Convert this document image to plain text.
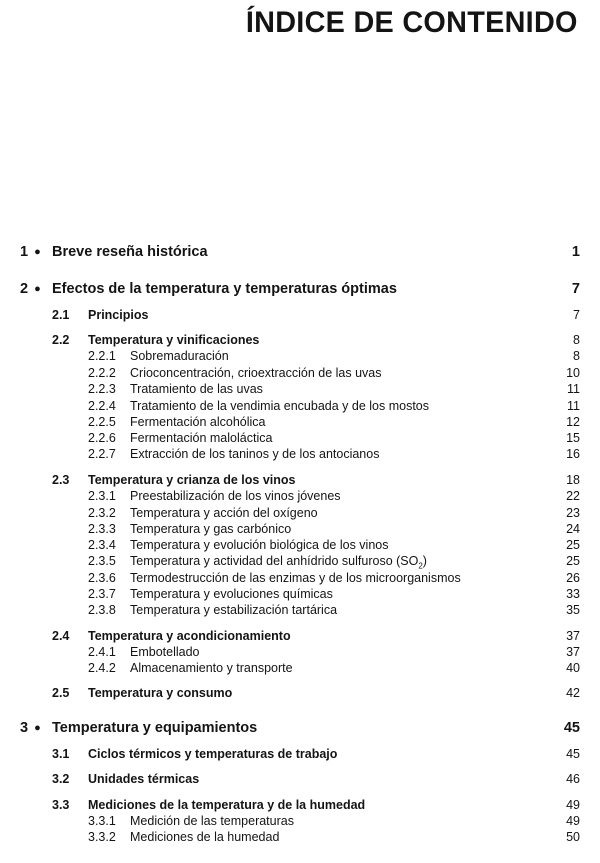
ÍNDICE DE CONTENIDO
1 ● Breve reseña histórica	1
2 ● Efectos de la temperatura y temperaturas óptimas	7
2.1 Principios	7
2.2 Temperatura y vinificaciones	8
2.2.1 Sobremaduración	8
2.2.2 Crioconcentración, crioextracción de las uvas	10
2.2.3 Tratamiento de las uvas	11
2.2.4 Tratamiento de la vendimia encubada y de los mostos	11
2.2.5 Fermentación alcohólica	12
2.2.6 Fermentación maloláctica	15
2.2.7 Extracción de los taninos y de los antocianos	16
2.3 Temperatura y crianza de los vinos	18
2.3.1 Preestabilización de los vinos jóvenes	22
2.3.2 Temperatura y acción del oxígeno	23
2.3.3 Temperatura y gas carbónico	24
2.3.4 Temperatura y evolución biológica de los vinos	25
2.3.5 Temperatura y actividad del anhídrido sulfuroso $(SO_2)$	25
2.3.6 Termodestrucción de las enzimas y de los microorganismos	26
2.3.7 Temperatura y evoluciones químicas	33
2.3.8 Temperatura y estabilización tartárica	35
2.4 Temperatura y acondicionamiento	37
2.4.1 Embotellado	37
2.4.2 Almacenamiento y transporte	40
2.5 Temperatura y consumo	42
3 ● Temperatura y equipamientos	45
3.1 Ciclos térmicos y temperaturas de trabajo	45
3.2 Unidades térmicas	46
3.3 Mediciones de la temperatura y de la humedad	49
3.3.1 Medición de las temperaturas	49
3.3.2 Mediciones de la humedad	50
